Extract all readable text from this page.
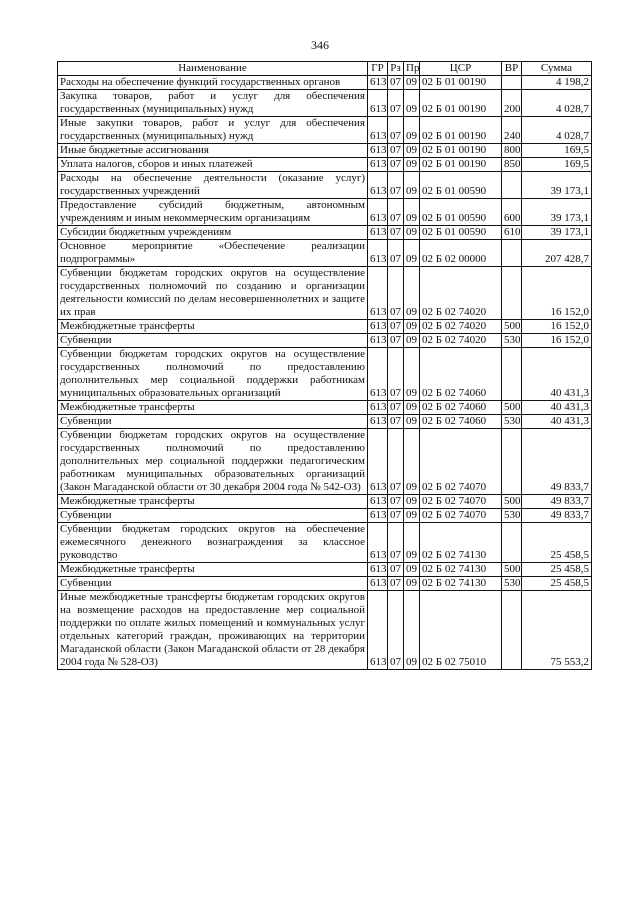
346
Наименование	ГР	Рз	Пр	ЦСР	ВР	Сумма
Расходы на обеспечение функций государственных органов	613	07	09	02 Б 01 00190		4 198,2
Закупка товаров, работ и услуг для обеспечения государственных (муниципальных) нужд	613	07	09	02 Б 01 00190	200	4 028,7
Иные закупки товаров, работ и услуг для обеспечения государственных (муниципальных) нужд	613	07	09	02 Б 01 00190	240	4 028,7
Иные бюджетные ассигнования	613	07	09	02 Б 01 00190	800	169,5
Уплата налогов, сборов и иных платежей	613	07	09	02 Б 01 00190	850	169,5
Расходы на обеспечение деятельности (оказание услуг) государственных учреждений	613	07	09	02 Б 01 00590		39 173,1
Предоставление субсидий бюджетным, автономным учреждениям и иным некоммерческим организациям	613	07	09	02 Б 01 00590	600	39 173,1
Субсидии бюджетным учреждениям	613	07	09	02 Б 01 00590	610	39 173,1
Основное мероприятие «Обеспечение реализации подпрограммы»	613	07	09	02 Б 02 00000		207 428,7
Субвенции бюджетам городских округов на осуществление государственных полномочий по созданию и организации деятельности комиссий по делам несовершеннолетних и защите их прав	613	07	09	02 Б 02 74020		16 152,0
Межбюджетные трансферты	613	07	09	02 Б 02 74020	500	16 152,0
Субвенции	613	07	09	02 Б 02 74020	530	16 152,0
Субвенции бюджетам городских округов на осуществление государственных полномочий по предоставлению дополнительных мер социальной поддержки работникам муниципальных образовательных организаций	613	07	09	02 Б 02 74060		40 431,3
Межбюджетные трансферты	613	07	09	02 Б 02 74060	500	40 431,3
Субвенции	613	07	09	02 Б 02 74060	530	40 431,3
Субвенции бюджетам городских округов на осуществление государственных полномочий по предоставлению дополнительных мер социальной поддержки педагогическим работникам муниципальных образовательных организаций (Закон Магаданской области от 30 декабря 2004 года № 542-ОЗ)	613	07	09	02 Б 02 74070		49 833,7
Межбюджетные трансферты	613	07	09	02 Б 02 74070	500	49 833,7
Субвенции	613	07	09	02 Б 02 74070	530	49 833,7
Субвенции бюджетам городских округов на обеспечение ежемесячного денежного вознаграждения за классное руководство	613	07	09	02 Б 02 74130		25 458,5
Межбюджетные трансферты	613	07	09	02 Б 02 74130	500	25 458,5
Субвенции	613	07	09	02 Б 02 74130	530	25 458,5
Иные межбюджетные трансферты бюджетам городских округов на возмещение расходов на предоставление мер социальной поддержки по оплате жилых помещений и коммунальных услуг отдельных категорий граждан, проживающих на территории Магаданской области (Закон Магаданской области от 28 декабря 2004 года № 528-ОЗ)	613	07	09	02 Б 02 75010		75 553,2
